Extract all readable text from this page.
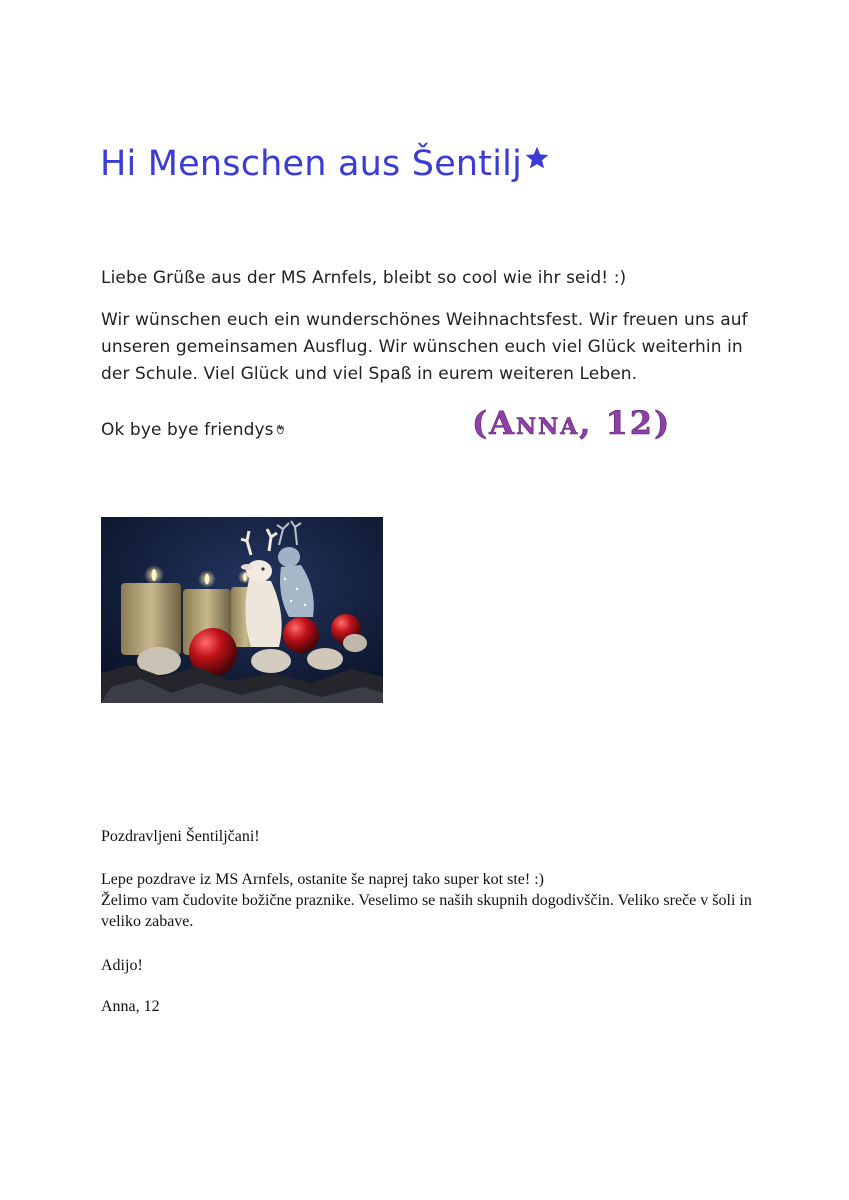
Hi Menschen aus Šentilj
Liebe Grüße aus der MS Arnfels, bleibt so cool wie ihr seid! :)
Wir wünschen euch ein wunderschönes Weihnachtsfest. Wir freuen uns auf unseren gemeinsamen Ausflug. Wir wünschen euch viel Glück weiterhin in der Schule. Viel Glück und viel Spaß in eurem weiteren Leben.
Ok bye bye friendys	(Anna, 12)
Pozdravljeni Šentiljčani!
Lepe pozdrave iz MS Arnfels, ostanite še naprej tako super kot ste! :)
Želimo vam čudovite božične praznike. Veselimo se naših skupnih dogodivščin. Veliko sreče v šoli in veliko zabave.
Adijo!
Anna, 12
